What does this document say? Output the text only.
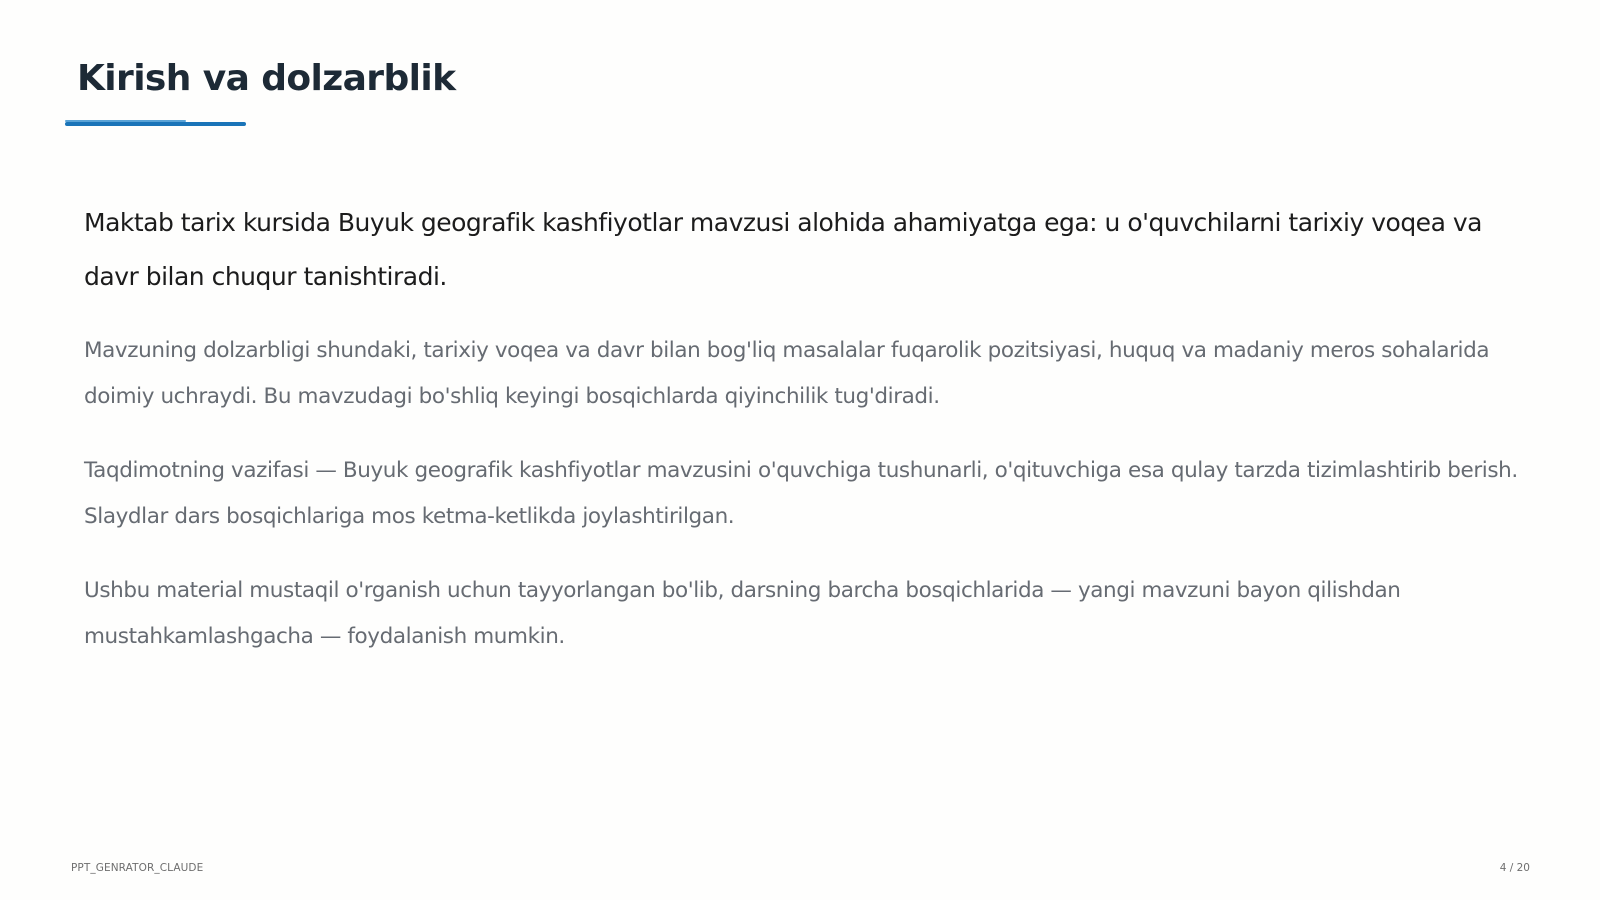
Kirish va dolzarblik

Maktab tarix kursida Buyuk geografik kashfiyotlar mavzusi alohida ahamiyatga ega: u o'quvchilarni tarixiy voqea va davr bilan chuqur tanishtiradi.

Mavzuning dolzarbligi shundaki, tarixiy voqea va davr bilan bog'liq masalalar fuqarolik pozitsiyasi, huquq va madaniy meros sohalarida doimiy uchraydi. Bu mavzudagi bo'shliq keyingi bosqichlarda qiyinchilik tug'diradi.

Taqdimotning vazifasi — Buyuk geografik kashfiyotlar mavzusini o'quvchiga tushunarli, o'qituvchiga esa qulay tarzda tizimlashtirib berish. Slaydlar dars bosqichlariga mos ketma-ketlikda joylashtirilgan.

Ushbu material mustaqil o'rganish uchun tayyorlangan bo'lib, darsning barcha bosqichlarida — yangi mavzuni bayon qilishdan mustahkamlashgacha — foydalanish mumkin.

PPT_GENRATOR_CLAUDE	4 / 20
